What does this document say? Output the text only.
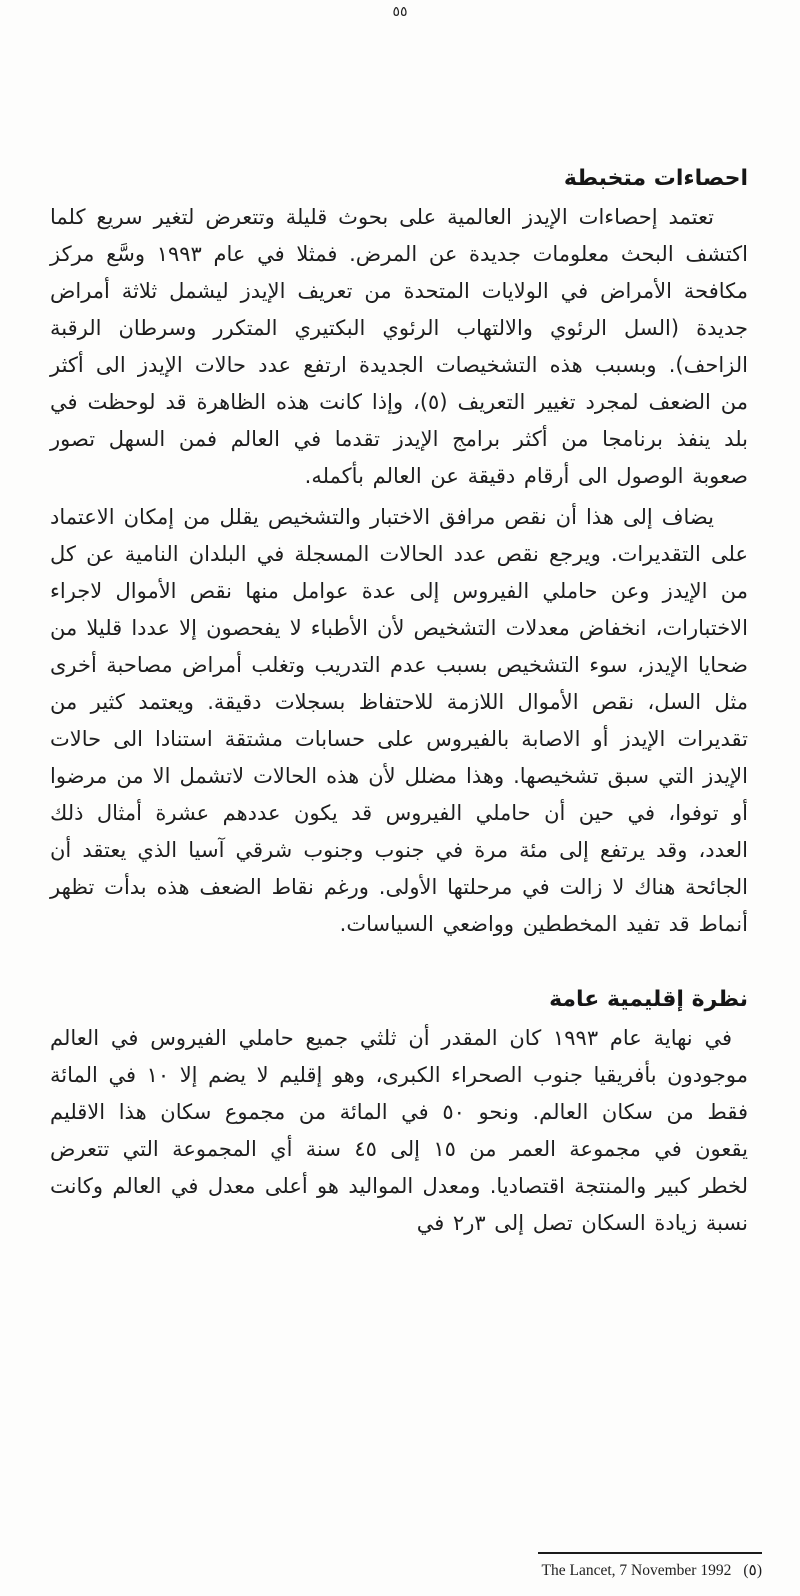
٥٥
احصاءات متخبطة

تعتمد إحصاءات الإيدز العالمية على بحوث قليلة وتتعرض لتغير سريع كلما اكتشف البحث معلومات جديدة عن المرض. فمثلا في عام ١٩٩٣ وسَّع مركز مكافحة الأمراض في الولايات المتحدة من تعريف الإيدز ليشمل ثلاثة أمراض جديدة (السل الرئوي والالتهاب الرئوي البكتيري المتكرر وسرطان الرقبة الزاحف). وبسبب هذه التشخيصات الجديدة ارتفع عدد حالات الإيدز الى أكثر من الضعف لمجرد تغيير التعريف (٥)، وإذا كانت هذه الظاهرة قد لوحظت في بلد ينفذ برنامجا من أكثر برامج الإيدز تقدما في العالم فمن السهل تصور صعوبة الوصول الى أرقام دقيقة عن العالم بأكمله.

يضاف إلى هذا أن نقص مرافق الاختبار والتشخيص يقلل من إمكان الاعتماد على التقديرات. ويرجع نقص عدد الحالات المسجلة في البلدان النامية عن كل من الإيدز وعن حاملي الفيروس إلى عدة عوامل منها نقص الأموال لاجراء الاختبارات، انخفاض معدلات التشخيص لأن الأطباء لا يفحصون إلا عددا قليلا من ضحايا الإيدز، سوء التشخيص بسبب عدم التدريب وتغلب أمراض مصاحبة أخرى مثل السل، نقص الأموال اللازمة للاحتفاظ بسجلات دقيقة. ويعتمد كثير من تقديرات الإيدز أو الاصابة بالفيروس على حسابات مشتقة استنادا الى حالات الإيدز التي سبق تشخيصها. وهذا مضلل لأن هذه الحالات لاتشمل الا من مرضوا أو توفوا، في حين أن حاملي الفيروس قد يكون عددهم عشرة أمثال ذلك العدد، وقد يرتفع إلى مئة مرة في جنوب وجنوب شرقي آسيا الذي يعتقد أن الجائحة هناك لا زالت في مرحلتها الأولى. ورغم نقاط الضعف هذه بدأت تظهر أنماط قد تفيد المخططين وواضعي السياسات.

نظرة إقليمية عامة

في نهاية عام ١٩٩٣ كان المقدر أن ثلثي جميع حاملي الفيروس في العالم موجودون بأفريقيا جنوب الصحراء الكبرى، وهو إقليم لا يضم إلا ١٠ في المائة فقط من سكان العالم. ونحو ٥٠ في المائة من مجموع سكان هذا الاقليم يقعون في مجموعة العمر من ١٥ إلى ٤٥ سنة أي المجموعة التي تتعرض لخطر كبير والمنتجة اقتصاديا. ومعدل المواليد هو أعلى معدل في العالم وكانت نسبة زيادة السكان تصل إلى ٣ر٢ في

The Lancet, 7 November 1992 (٥)
